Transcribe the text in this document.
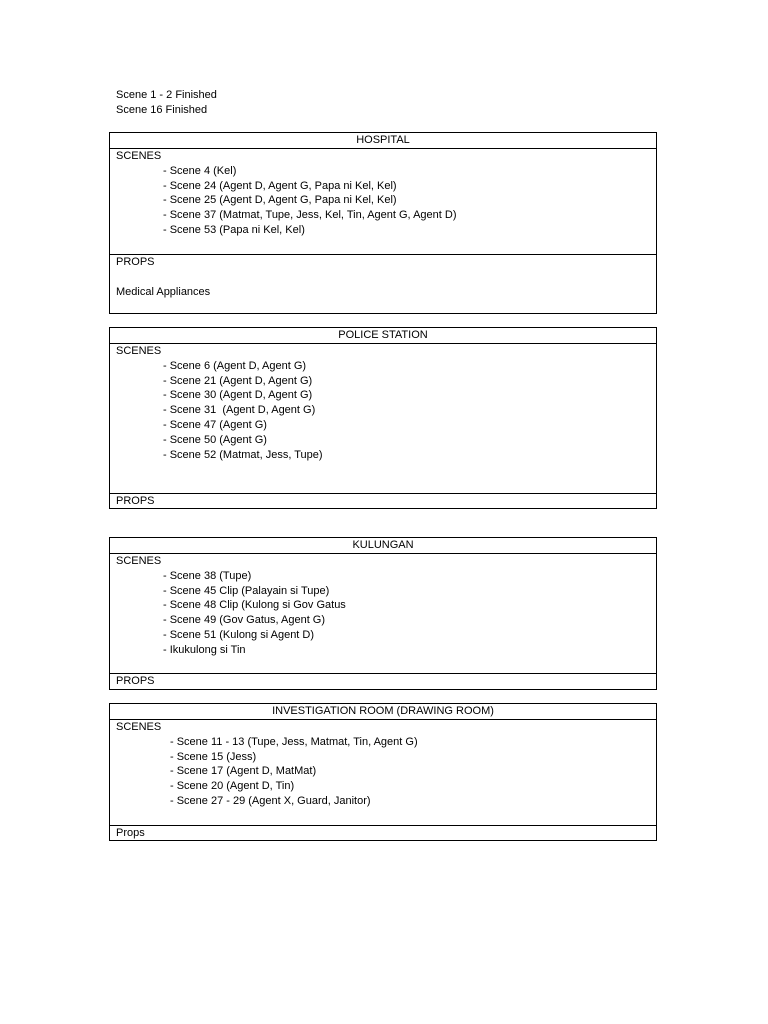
Scene 1 - 2 Finished
Scene 16 Finished
HOSPITAL
SCENES
- Scene 4 (Kel)
- Scene 24 (Agent D, Agent G, Papa ni Kel, Kel)
- Scene 25 (Agent D, Agent G, Papa ni Kel, Kel)
- Scene 37 (Matmat, Tupe, Jess, Kel, Tin, Agent G, Agent D)
- Scene 53 (Papa ni Kel, Kel)
PROPS
Medical Appliances
POLICE STATION
SCENES
- Scene 6 (Agent D, Agent G)
- Scene 21 (Agent D, Agent G)
- Scene 30 (Agent D, Agent G)
- Scene 31  (Agent D, Agent G)
- Scene 47 (Agent G)
- Scene 50 (Agent G)
- Scene 52 (Matmat, Jess, Tupe)
PROPS
KULUNGAN
SCENES
- Scene 38 (Tupe)
- Scene 45 Clip (Palayain si Tupe)
- Scene 48 Clip (Kulong si Gov Gatus
- Scene 49 (Gov Gatus, Agent G)
- Scene 51 (Kulong si Agent D)
- Ikukulong si Tin
PROPS
INVESTIGATION ROOM (DRAWING ROOM)
SCENES
- Scene 11 - 13 (Tupe, Jess, Matmat, Tin, Agent G)
- Scene 15 (Jess)
- Scene 17 (Agent D, MatMat)
- Scene 20 (Agent D, Tin)
- Scene 27 - 29 (Agent X, Guard, Janitor)
Props
